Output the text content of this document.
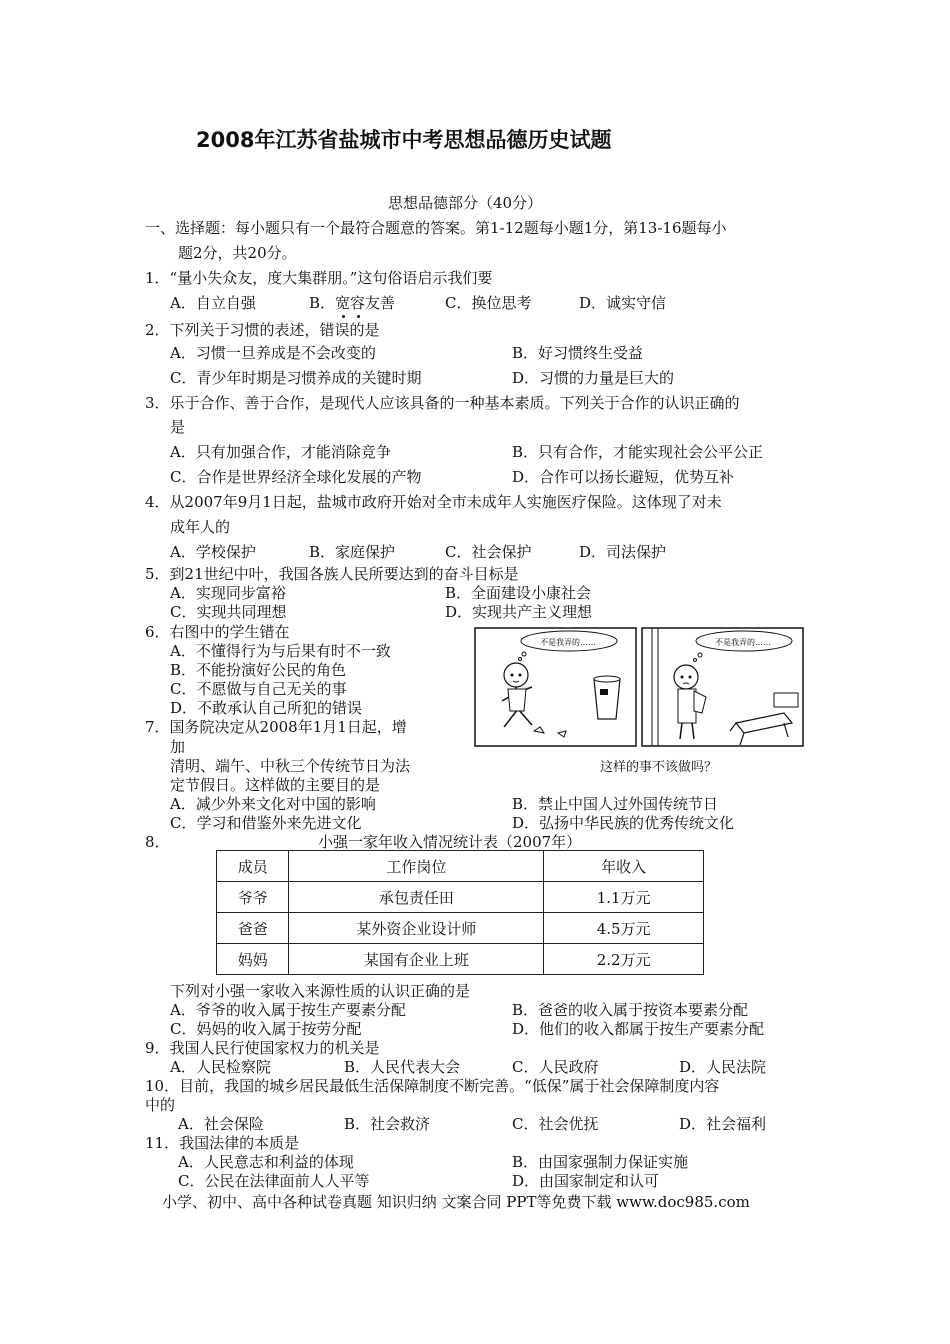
2008年江苏省盐城市中考思想品德历史试题
思想品德部分（40分）
一、选择题：每小题只有一个最符合题意的答案。第1-12题每小题1分，第13-16题每小
题2分，共20分。
1．“量小失众友，度大集群朋。”这句俗语启示我们要
A．自立自强	B．宽容友善	C．换位思考	D．诚实守信
2．下列关于习惯的表述，错误的是
A．习惯一旦养成是不会改变的	B．好习惯终生受益
C．青少年时期是习惯养成的关键时期	D．习惯的力量是巨大的
3．乐于合作、善于合作，是现代人应该具备的一种基本素质。下列关于合作的认识正确的
是
A．只有加强合作，才能消除竞争	B．只有合作，才能实现社会公平公正
C．合作是世界经济全球化发展的产物	D．合作可以扬长避短，优势互补
4．从2007年9月1日起，盐城市政府开始对全市未成年人实施医疗保险。这体现了对未
成年人的
A．学校保护	B．家庭保护	C．社会保护	D．司法保护
5．到21世纪中叶，我国各族人民所要达到的奋斗目标是
A．实现同步富裕	B．全面建设小康社会
C．实现共同理想	D．实现共产主义理想
6．右图中的学生错在
A．不懂得行为与后果有时不一致
B．不能扮演好公民的角色
C．不愿做与自己无关的事
D．不敢承认自己所犯的错误
不是我弄的……	不是我弄的……
这样的事不该做吗？
7．国务院决定从2008年1月1日起，增
加
清明、端午、中秋三个传统节日为法
定节假日。这样做的主要目的是
A．减少外来文化对中国的影响	B．禁止中国人过外国传统节日
C．学习和借鉴外来先进文化	D．弘扬中华民族的优秀传统文化
8．	小强一家年收入情况统计表（2007年）
成员	工作岗位	年收入
爷爷	承包责任田	1.1万元
爸爸	某外资企业设计师	4.5万元
妈妈	某国有企业上班	2.2万元
下列对小强一家收入来源性质的认识正确的是
A．爷爷的收入属于按生产要素分配	B．爸爸的收入属于按资本要素分配
C．妈妈的收入属于按劳分配	D．他们的收入都属于按生产要素分配
9．我国人民行使国家权力的机关是
A．人民检察院	B．人民代表大会	C．人民政府	D．人民法院
10．目前，我国的城乡居民最低生活保障制度不断完善。“低保”属于社会保障制度内容
中的
A．社会保险	B．社会救济	C．社会优抚	D．社会福利
11．我国法律的本质是
A．人民意志和利益的体现	B．由国家强制力保证实施
C．公民在法律面前人人平等	D．由国家制定和认可
小学、初中、高中各种试卷真题 知识归纳 文案合同 PPT等免费下载 www.doc985.com
